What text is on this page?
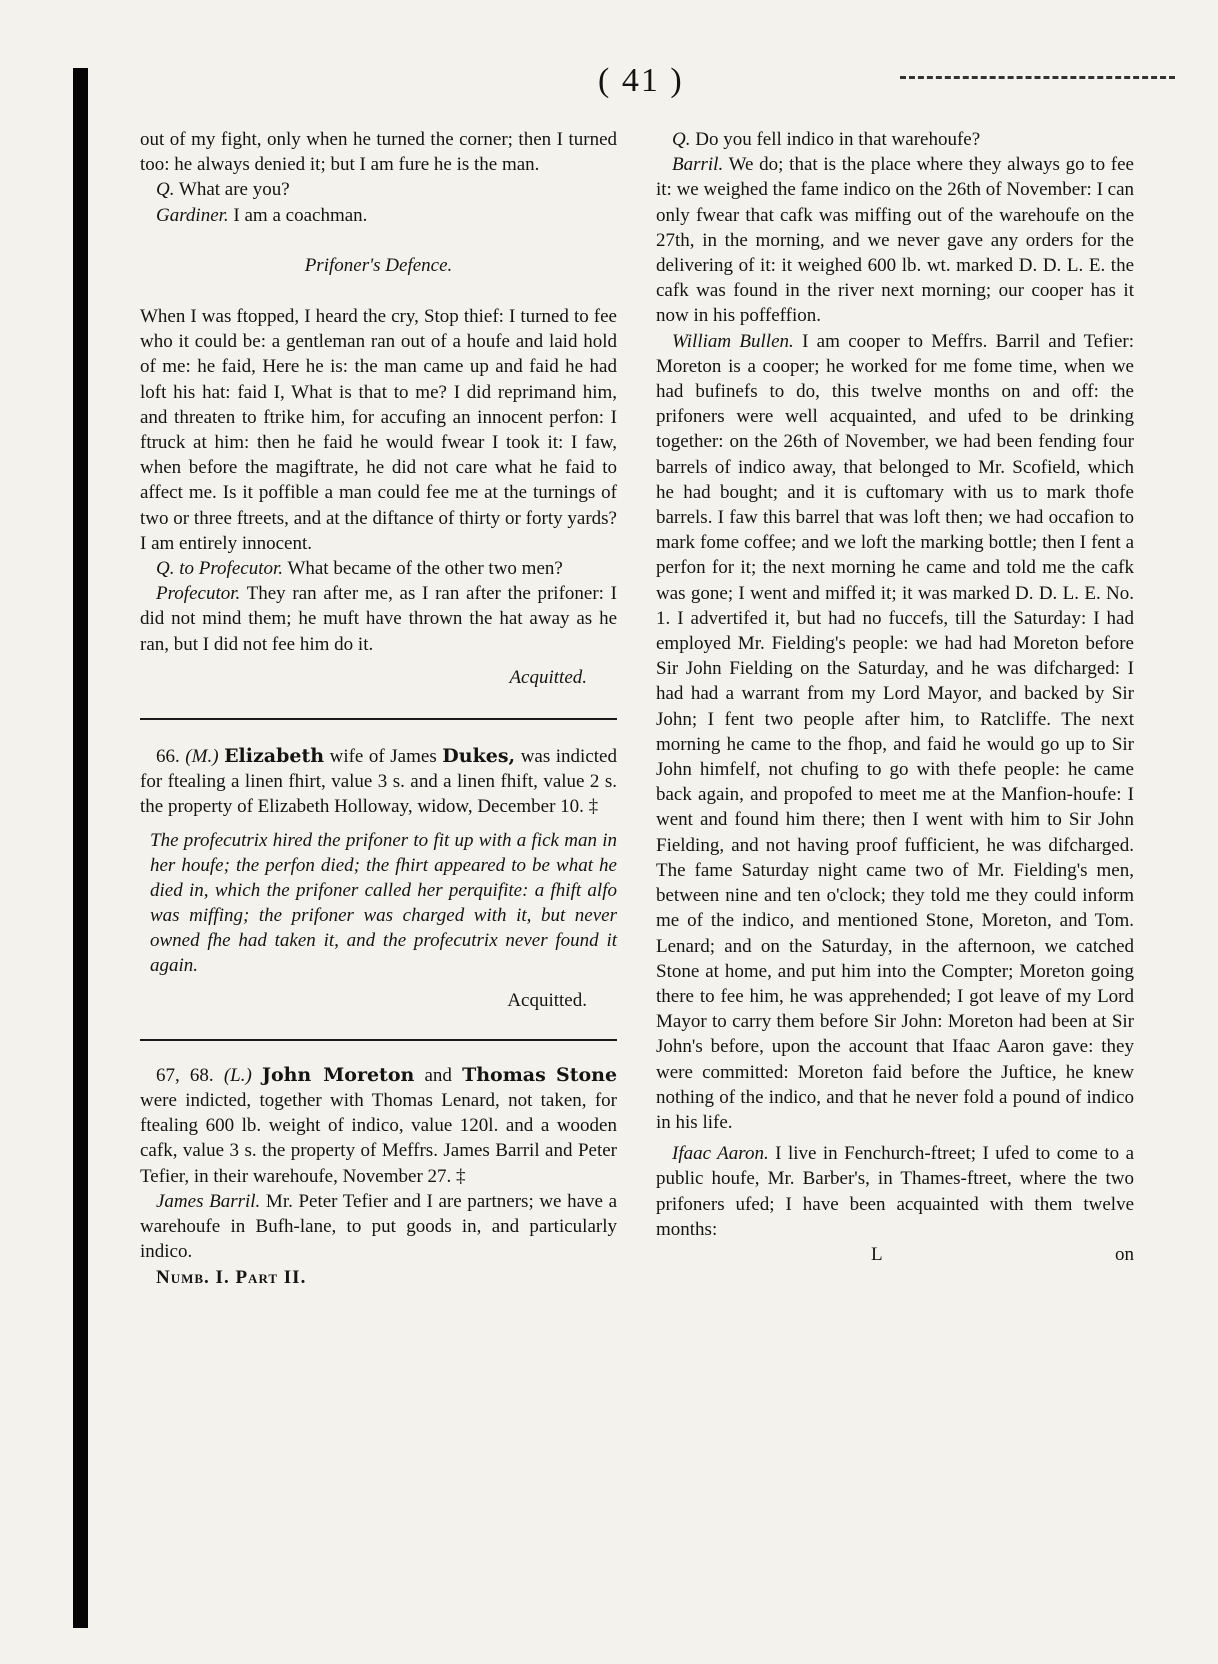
( 41 )

out of my fight, only when he turned the corner; then I turned too: he always denied it; but I am fure he is the man.

Q. What are you?

Gardiner. I am a coachman.

Prifoner's Defence.

When I was ftopped, I heard the cry, Stop thief: I turned to fee who it could be: a gentleman ran out of a houfe and laid hold of me: he faid, Here he is: the man came up and faid he had loft his hat: faid I, What is that to me? I did reprimand him, and threaten to ftrike him, for accufing an innocent perfon: I ftruck at him: then he faid he would fwear I took it: I faw, when before the magiftrate, he did not care what he faid to affect me. Is it poffible a man could fee me at the turnings of two or three ftreets, and at the diftance of thirty or forty yards? I am entirely innocent.

Q. to Profecutor. What became of the other two men?

Profecutor. They ran after me, as I ran after the prifoner: I did not mind them; he muft have thrown the hat away as he ran, but I did not fee him do it.

Acquitted.

66. (M.) Elizabeth wife of James Dukes, was indicted for ftealing a linen fhirt, value 3 s. and a linen fhift, value 2 s. the property of Elizabeth Holloway, widow, December 10. ‡

The profecutrix hired the prifoner to fit up with a fick man in her houfe; the perfon died; the fhirt appeared to be what he died in, which the prifoner called her perquifite: a fhift alfo was miffing; the prifoner was charged with it, but never owned fhe had taken it, and the profecutrix never found it again.

Acquitted.

67, 68. (L.) John Moreton and Thomas Stone were indicted, together with Thomas Lenard, not taken, for ftealing 600 lb. weight of indico, value 120l. and a wooden cafk, value 3 s. the property of Meffrs. James Barril and Peter Tefier, in their warehoufe, November 27. ‡

James Barril. Mr. Peter Tefier and I are partners; we have a warehoufe in Bufh-lane, to put goods in, and particularly indico.

Numb. I. Part II.

Q. Do you fell indico in that warehoufe?

Barril. We do; that is the place where they always go to fee it: we weighed the fame indico on the 26th of November: I can only fwear that cafk was miffing out of the warehoufe on the 27th, in the morning, and we never gave any orders for the delivering of it: it weighed 600 lb. wt. marked D. D. L. E. the cafk was found in the river next morning; our cooper has it now in his poffeffion.

William Bullen. I am cooper to Meffrs. Barril and Tefier: Moreton is a cooper; he worked for me fome time, when we had bufinefs to do, this twelve months on and off: the prifoners were well acquainted, and ufed to be drinking together: on the 26th of November, we had been fending four barrels of indico away, that belonged to Mr. Scofield, which he had bought; and it is cuftomary with us to mark thofe barrels. I faw this barrel that was loft then; we had occafion to mark fome coffee; and we loft the marking bottle; then I fent a perfon for it; the next morning he came and told me the cafk was gone; I went and miffed it; it was marked D. D. L. E. No. 1. I advertifed it, but had no fuccefs, till the Saturday: I had employed Mr. Fielding's people: we had had Moreton before Sir John Fielding on the Saturday, and he was difcharged: I had had a warrant from my Lord Mayor, and backed by Sir John; I fent two people after him, to Ratcliffe. The next morning he came to the fhop, and faid he would go up to Sir John himfelf, not chufing to go with thefe people: he came back again, and propofed to meet me at the Manfion-houfe: I went and found him there; then I went with him to Sir John Fielding, and not having proof fufficient, he was difcharged. The fame Saturday night came two of Mr. Fielding's men, between nine and ten o'clock; they told me they could inform me of the indico, and mentioned Stone, Moreton, and Tom. Lenard; and on the Saturday, in the afternoon, we catched Stone at home, and put him into the Compter; Moreton going there to fee him, he was apprehended; I got leave of my Lord Mayor to carry them before Sir John: Moreton had been at Sir John's before, upon the account that Ifaac Aaron gave: they were committed: Moreton faid before the Juftice, he knew nothing of the indico, and that he never fold a pound of indico in his life.

Ifaac Aaron. I live in Fenchurch-ftreet; I ufed to come to a public houfe, Mr. Barber's, in Thames-ftreet, where the two prifoners ufed; I have been acquainted with them twelve months:

L	on
